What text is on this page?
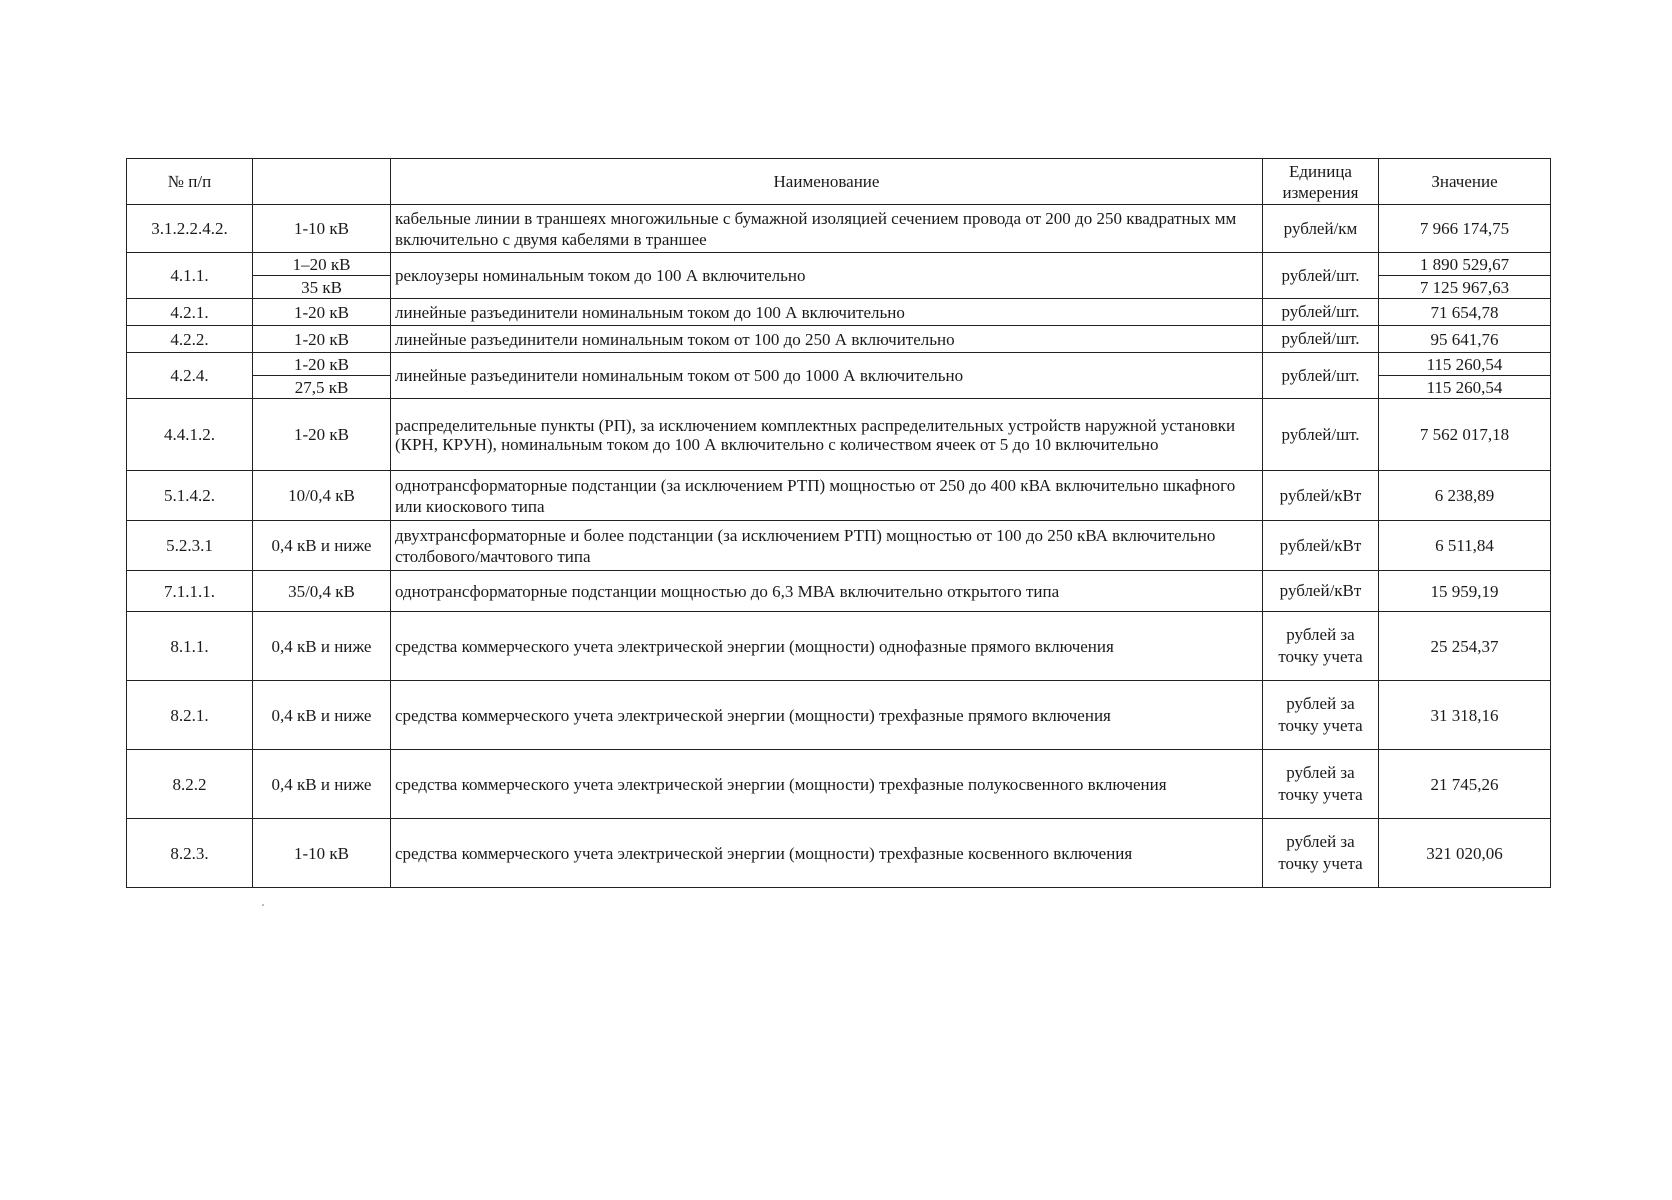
№ п/п		Наименование	Единица измерения	Значение
3.1.2.2.4.2.	1-10 кВ	кабельные линии в траншеях многожильные с бумажной изоляцией сечением провода от 200 до 250 квадратных мм включительно с двумя кабелями в траншее	рублей/км	7 966 174,75
4.1.1.	1–20 кВ	реклоузеры номинальным током до 100 А включительно	рублей/шт.	1 890 529,67
	35 кВ			7 125 967,63
4.2.1.	1-20 кВ	линейные разъединители номинальным током до 100 А включительно	рублей/шт.	71 654,78
4.2.2.	1-20 кВ	линейные разъединители номинальным током от 100 до 250 А включительно	рублей/шт.	95 641,76
4.2.4.	1-20 кВ	линейные разъединители номинальным током от 500 до 1000 А включительно	рублей/шт.	115 260,54
	27,5 кВ			115 260,54
4.4.1.2.	1-20 кВ	распределительные пункты (РП), за исключением комплектных распределительных устройств наружной установки (КРН, КРУН), номинальным током до 100 А включительно с количеством ячеек от 5 до 10 включительно	рублей/шт.	7 562 017,18
5.1.4.2.	10/0,4 кВ	однотрансформаторные подстанции (за исключением РТП) мощностью от 250 до 400 кВА включительно шкафного или киоскового типа	рублей/кВт	6 238,89
5.2.3.1	0,4 кВ и ниже	двухтрансформаторные и более подстанции (за исключением РТП) мощностью от 100 до 250 кВА включительно столбового/мачтового типа	рублей/кВт	6 511,84
7.1.1.1.	35/0,4 кВ	однотрансформаторные подстанции мощностью до 6,3 МВА включительно открытого типа	рублей/кВт	15 959,19
8.1.1.	0,4 кВ и ниже	средства коммерческого учета электрической энергии (мощности) однофазные прямого включения	рублей за точку учета	25 254,37
8.2.1.	0,4 кВ и ниже	средства коммерческого учета электрической энергии (мощности) трехфазные прямого включения	рублей за точку учета	31 318,16
8.2.2	0,4 кВ и ниже	средства коммерческого учета электрической энергии (мощности) трехфазные полукосвенного включения	рублей за точку учета	21 745,26
8.2.3.	1-10 кВ	средства коммерческого учета электрической энергии (мощности) трехфазные косвенного включения	рублей за точку учета	321 020,06
